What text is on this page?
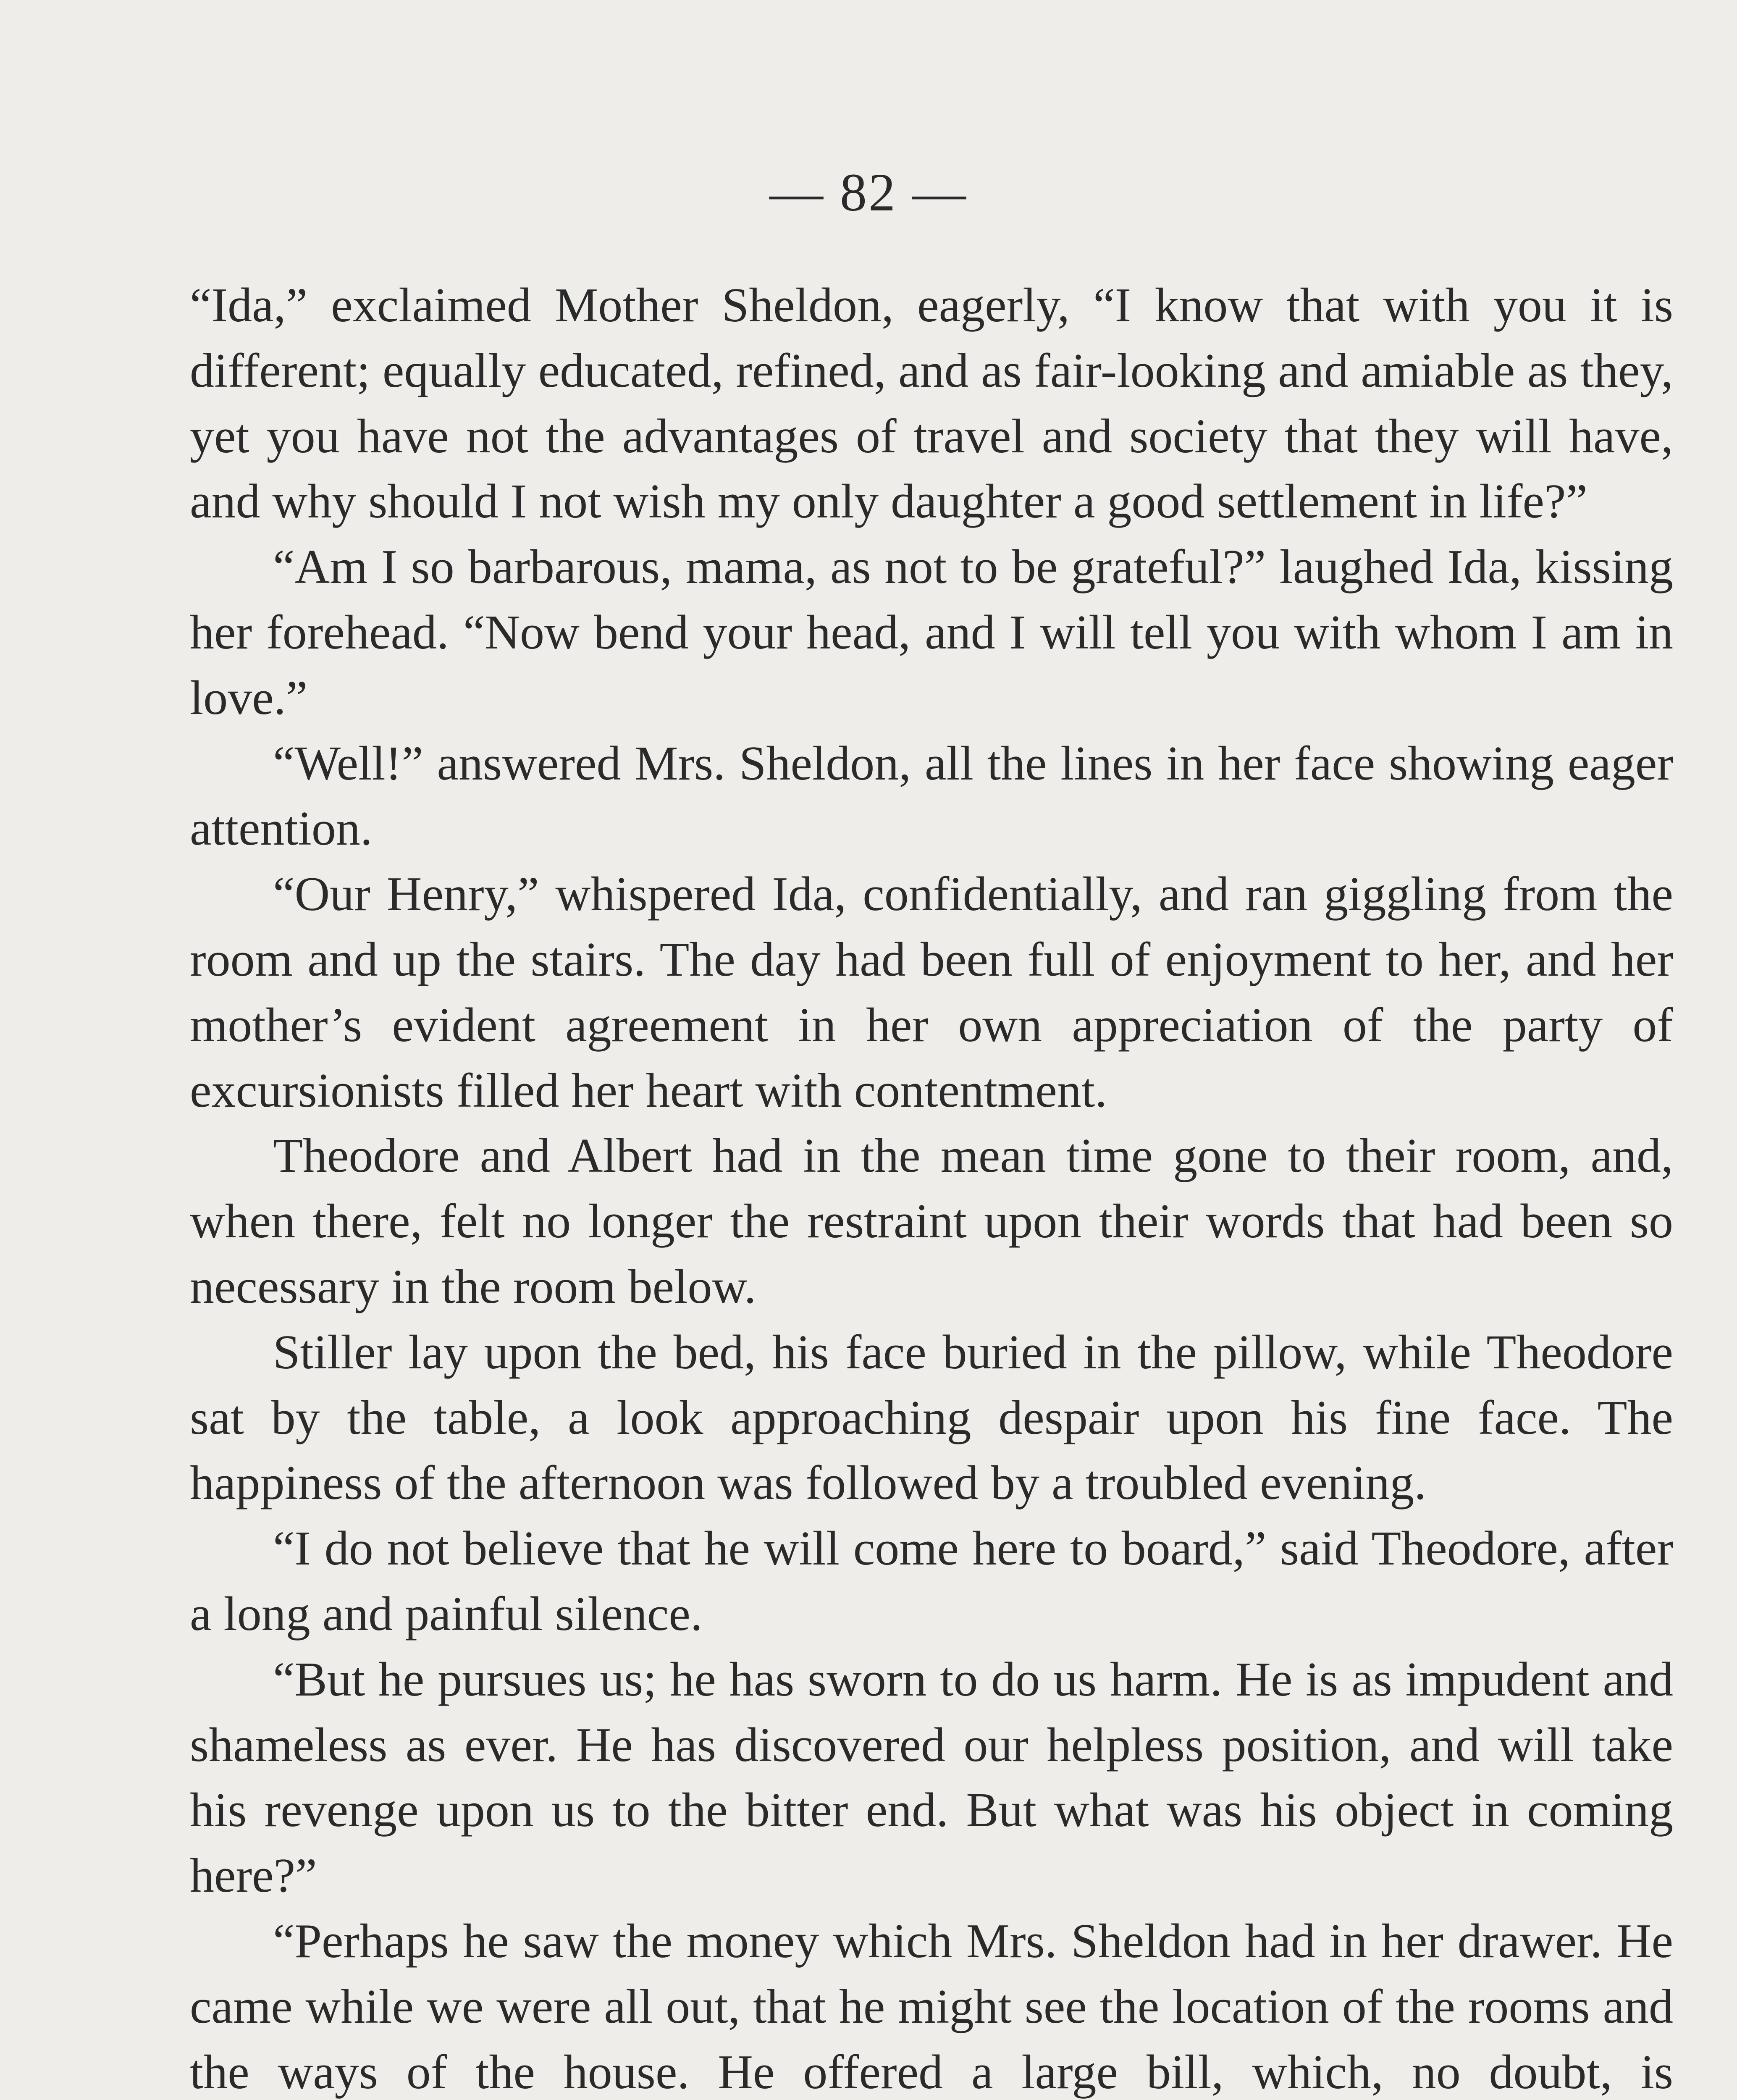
— 82 —

“Ida,” exclaimed Mother Sheldon, eagerly, “I know that with you it is different; equally educated, refined, and as fair-looking and amiable as they, yet you have not the advantages of travel and society that they will have, and why should I not wish my only daughter a good settlement in life?”

“Am I so barbarous, mama, as not to be grateful?” laughed Ida, kissing her forehead. “Now bend your head, and I will tell you with whom I am in love.”

“Well!” answered Mrs. Sheldon, all the lines in her face showing eager attention.

“Our Henry,” whispered Ida, confidentially, and ran giggling from the room and up the stairs. The day had been full of enjoyment to her, and her mother’s evident agreement in her own appreciation of the party of excursionists filled her heart with contentment.

Theodore and Albert had in the mean time gone to their room, and, when there, felt no longer the restraint upon their words that had been so necessary in the room below.

Stiller lay upon the bed, his face buried in the pillow, while Theodore sat by the table, a look approaching despair upon his fine face. The happiness of the afternoon was followed by a troubled evening.

“I do not believe that he will come here to board,” said Theodore, after a long and painful silence.

“But he pursues us; he has sworn to do us harm. He is as impudent and shameless as ever. He has discovered our helpless position, and will take his revenge upon us to the bitter end. But what was his object in coming here?”

“Perhaps he saw the money which Mrs. Sheldon had in her drawer. He came while we were all out, that he might see the location of the rooms and the ways of the house. He offered a large bill, which, no doubt, is
